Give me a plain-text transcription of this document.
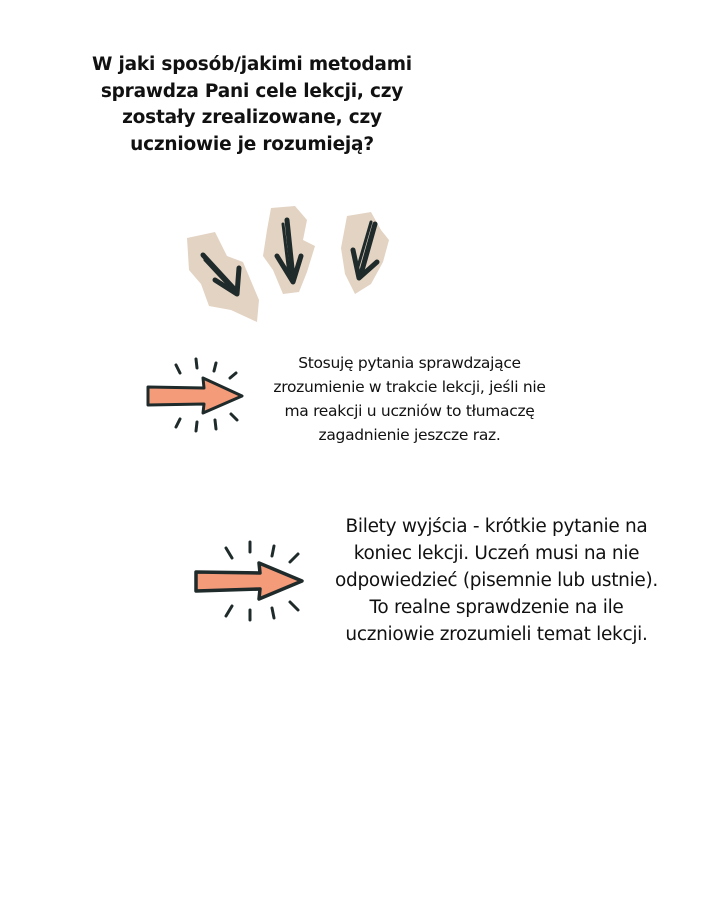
W jaki sposób/jakimi metodami sprawdza Pani cele lekcji, czy zostały zrealizowane, czy uczniowie je rozumieją?
Stosuję pytania sprawdzające zrozumienie w trakcie lekcji, jeśli nie ma reakcji u uczniów to tłumaczę zagadnienie jeszcze raz.
Bilety wyjścia - krótkie pytanie na koniec lekcji. Uczeń musi na nie odpowiedzieć (pisemnie lub ustnie). To realne sprawdzenie na ile uczniowie zrozumieli temat lekcji.
